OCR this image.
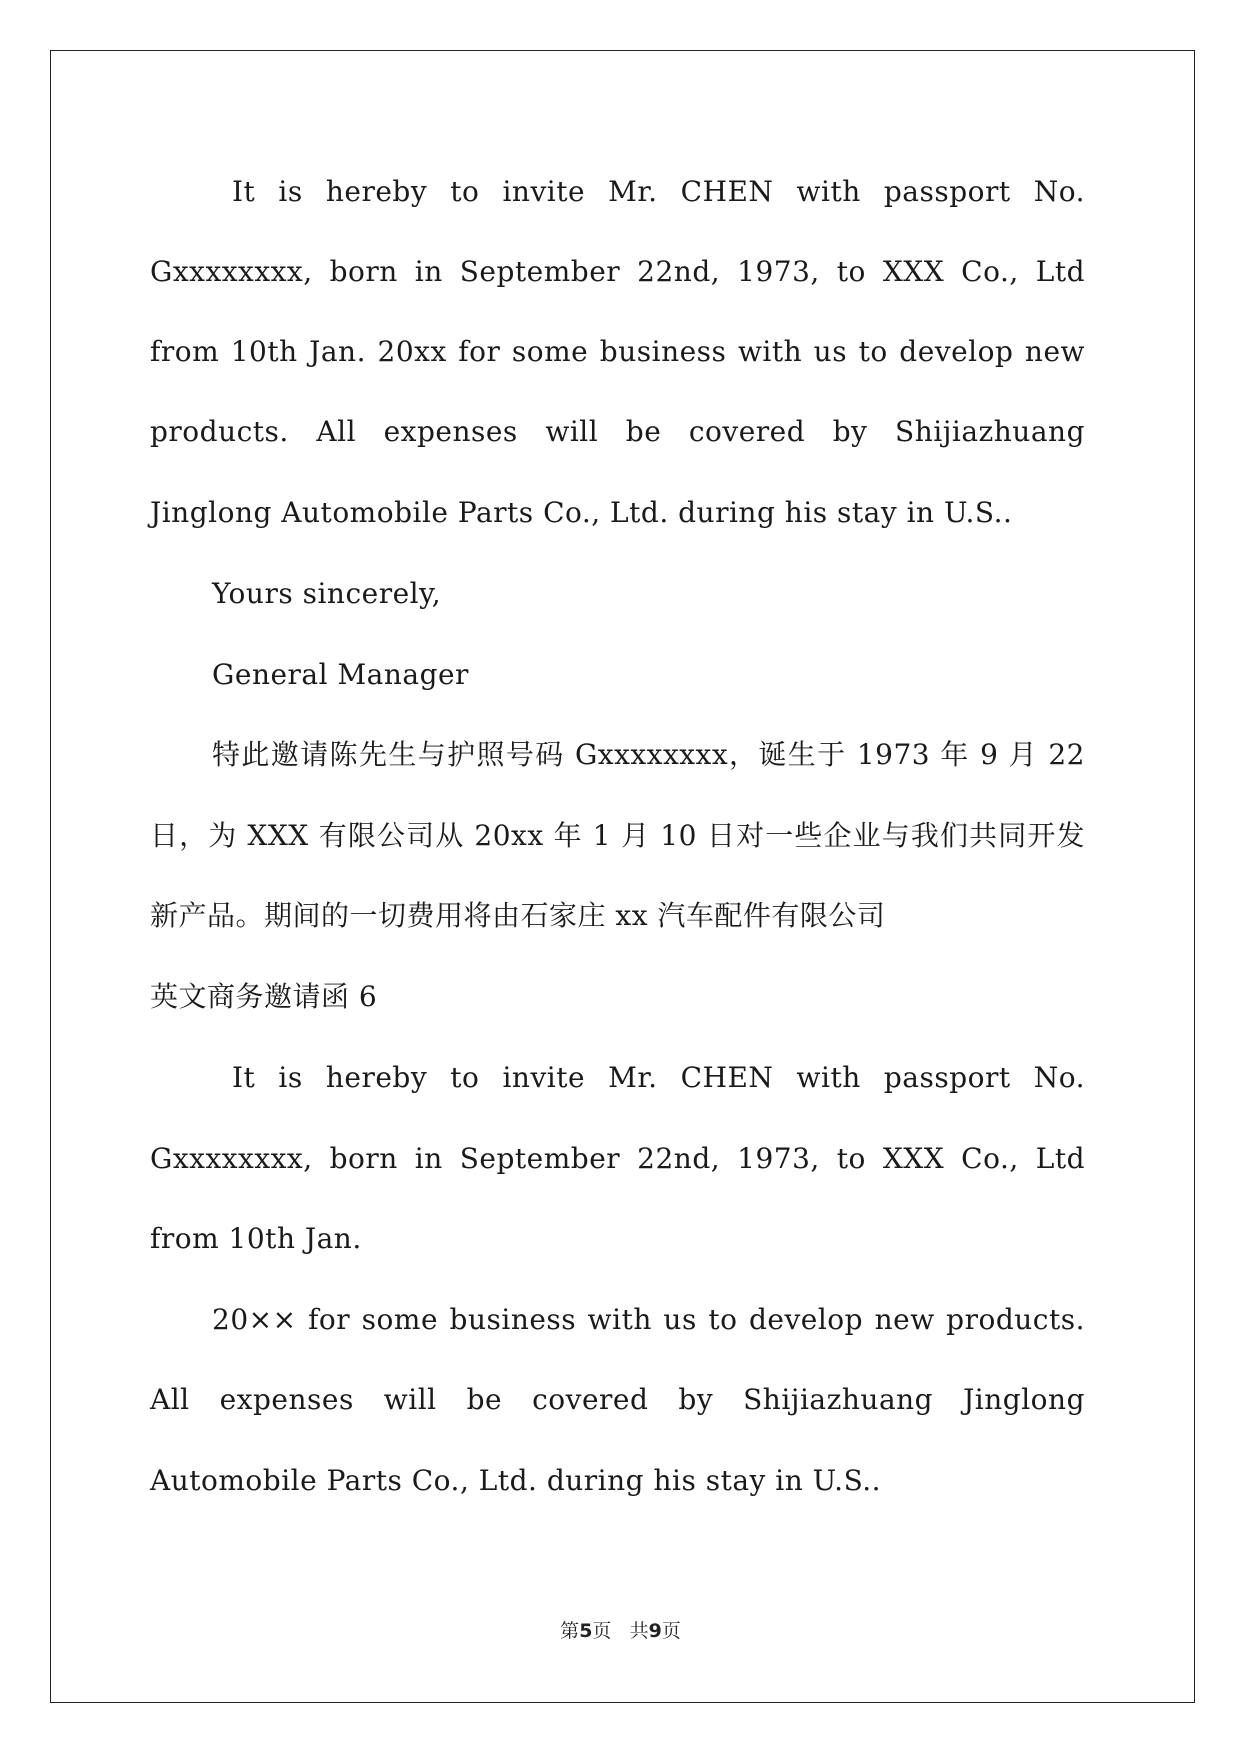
It is hereby to invite Mr. CHEN with passport No.
Gxxxxxxxx, born in September 22nd, 1973, to XXX Co., Ltd
from 10th Jan. 20xx for some business with us to develop new
products. All expenses will be covered by Shijiazhuang
Jinglong Automobile Parts Co., Ltd. during his stay in U.S..
Yours sincerely,
General Manager
特此邀请陈先生与护照号码 Gxxxxxxxx，诞生于 1973 年 9 月 22
日，为 XXX 有限公司从 20xx 年 1 月 10 日对一些企业与我们共同开发
新产品。期间的一切费用将由石家庄 xx 汽车配件有限公司
英文商务邀请函 6
It is hereby to invite Mr. CHEN with passport No.
Gxxxxxxxx, born in September 22nd, 1973, to XXX Co., Ltd
from 10th Jan.
20×× for some business with us to develop new products.
All expenses will be covered by Shijiazhuang Jinglong
Automobile Parts Co., Ltd. during his stay in U.S..
第5页 共9页
